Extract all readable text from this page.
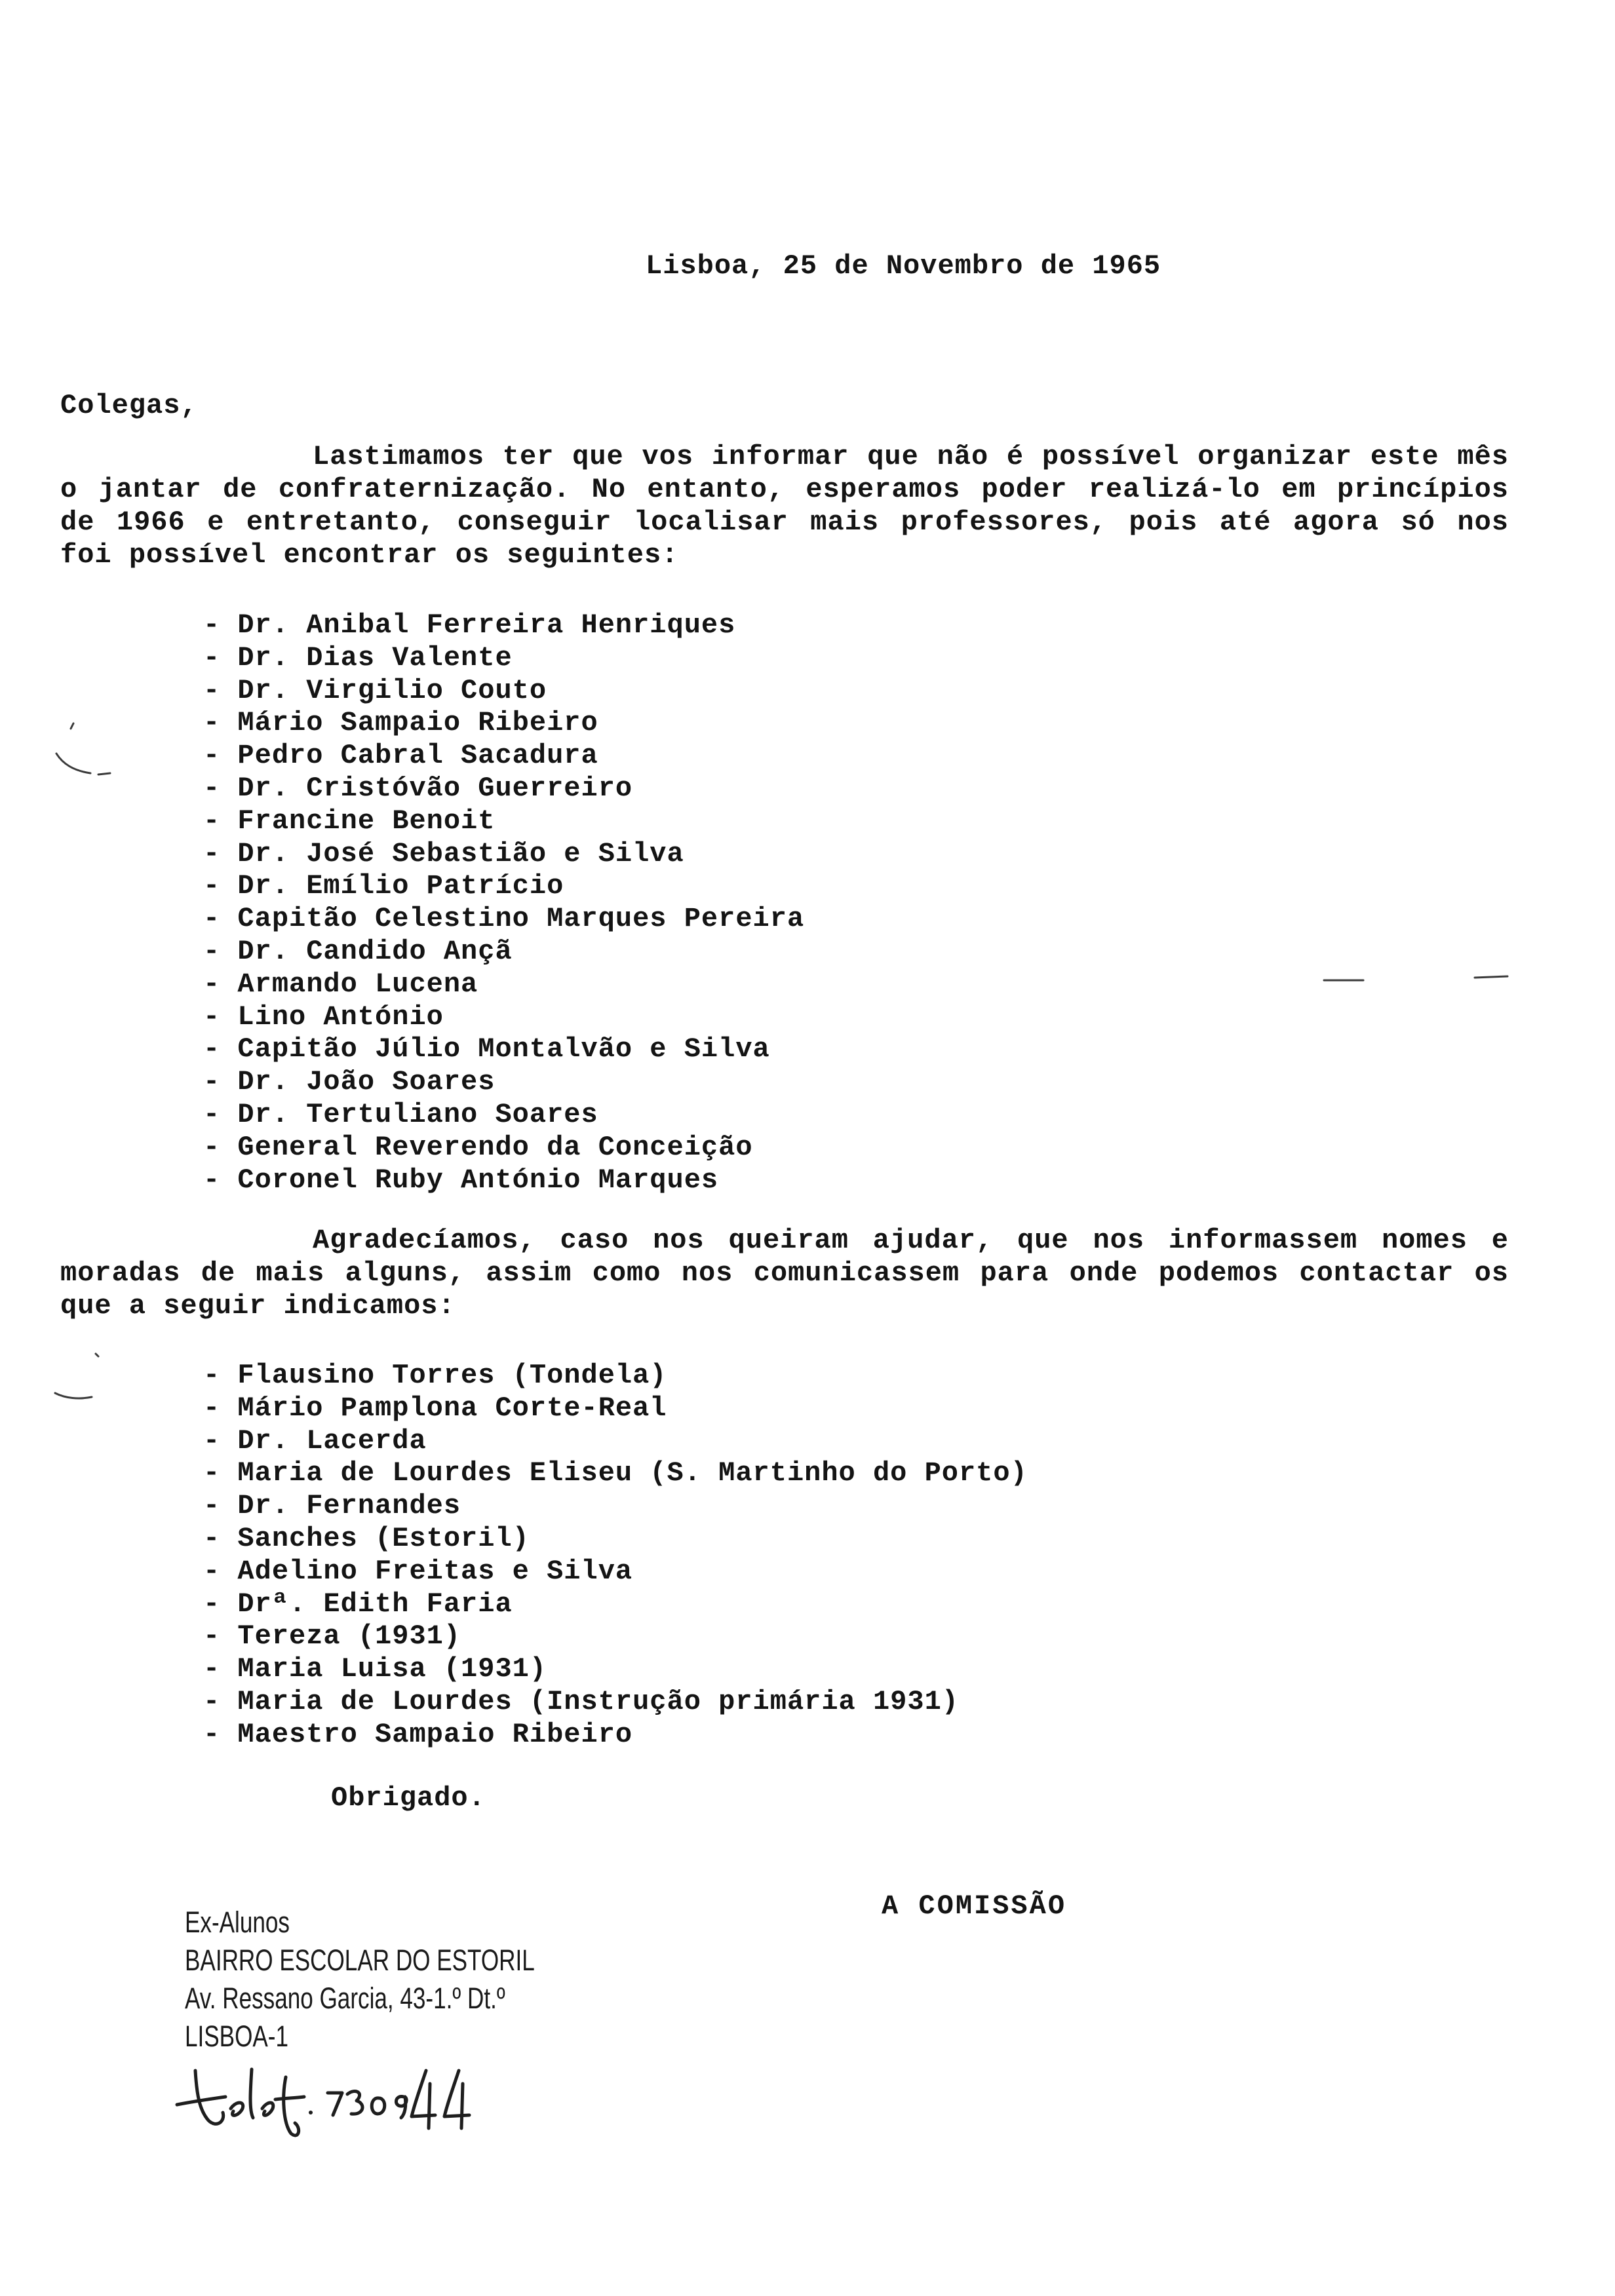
Lisboa, 25 de Novembro de 1965
Colegas,

Lastimamos ter que vos informar que não é possível organizar este mês o jantar de confraternização. No entanto, esperamos poder realizá-lo em princípios de 1966 e entretanto, conseguir localisar mais professores, pois até agora só nos foi possível encontrar os seguintes:

- Dr. Anibal Ferreira Henriques
- Dr. Dias Valente
- Dr. Virgilio Couto
- Mário Sampaio Ribeiro
- Pedro Cabral Sacadura
- Dr. Cristóvão Guerreiro
- Francine Benoit
- Dr. José Sebastião e Silva
- Dr. Emílio Patrício
- Capitão Celestino Marques Pereira
- Dr. Candido Ançã
- Armando Lucena
- Lino António
- Capitão Júlio Montalvão e Silva
- Dr. João Soares
- Dr. Tertuliano Soares
- General Reverendo da Conceição
- Coronel Ruby António Marques

Agradecíamos, caso nos queiram ajudar, que nos informassem nomes e moradas de mais alguns, assim como nos comunicassem para onde podemos contactar os que a seguir indicamos:

- Flausino Torres (Tondela)
- Mário Pamplona Corte-Real
- Dr. Lacerda
- Maria de Lourdes Eliseu (S. Martinho do Porto)
- Dr. Fernandes
- Sanches (Estoril)
- Adelino Freitas e Silva
- Drª. Edith Faria
- Tereza (1931)
- Maria Luisa (1931)
- Maria de Lourdes (Instrução primária 1931)
- Maestro Sampaio Ribeiro
Obrigado.
A COMISSÃO
Ex-Alunos
BAIRRO ESCOLAR DO ESTORIL
Av. Ressano Garcia, 43-1.º Dt.º
LISBOA-1
